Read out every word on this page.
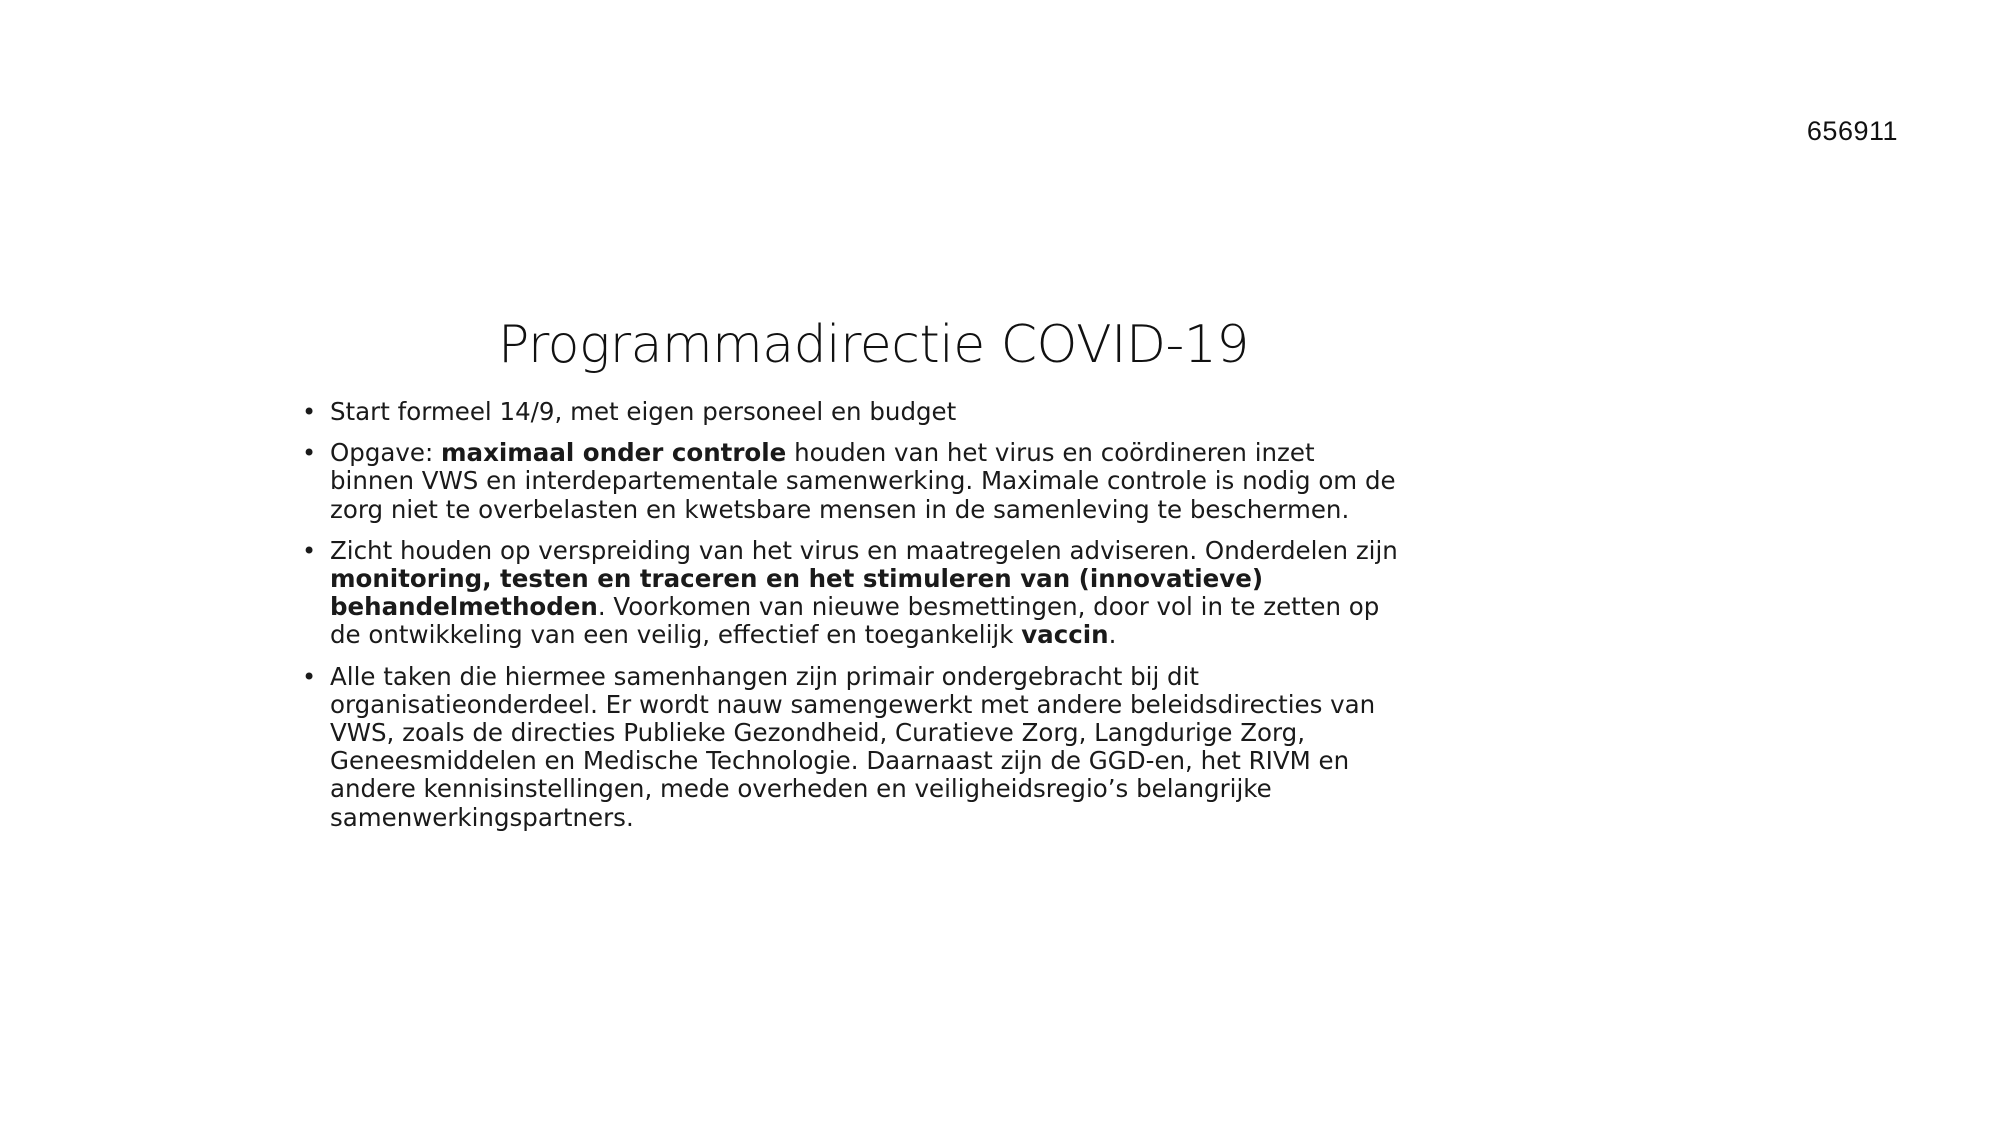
656911
Programmadirectie COVID-19
• Start formeel 14/9, met eigen personeel en budget
• Opgave: maximaal onder controle houden van het virus en coördineren inzet binnen VWS en interdepartementale samenwerking. Maximale controle is nodig om de zorg niet te overbelasten en kwetsbare mensen in de samenleving te beschermen.
• Zicht houden op verspreiding van het virus en maatregelen adviseren. Onderdelen zijn monitoring, testen en traceren en het stimuleren van (innovatieve) behandelmethoden. Voorkomen van nieuwe besmettingen, door vol in te zetten op de ontwikkeling van een veilig, effectief en toegankelijk vaccin.
• Alle taken die hiermee samenhangen zijn primair ondergebracht bij dit organisatieonderdeel. Er wordt nauw samengewerkt met andere beleidsdirecties van VWS, zoals de directies Publieke Gezondheid, Curatieve Zorg, Langdurige Zorg, Geneesmiddelen en Medische Technologie. Daarnaast zijn de GGD-en, het RIVM en andere kennisinstellingen, mede overheden en veiligheidsregio’s belangrijke samenwerkingspartners.
